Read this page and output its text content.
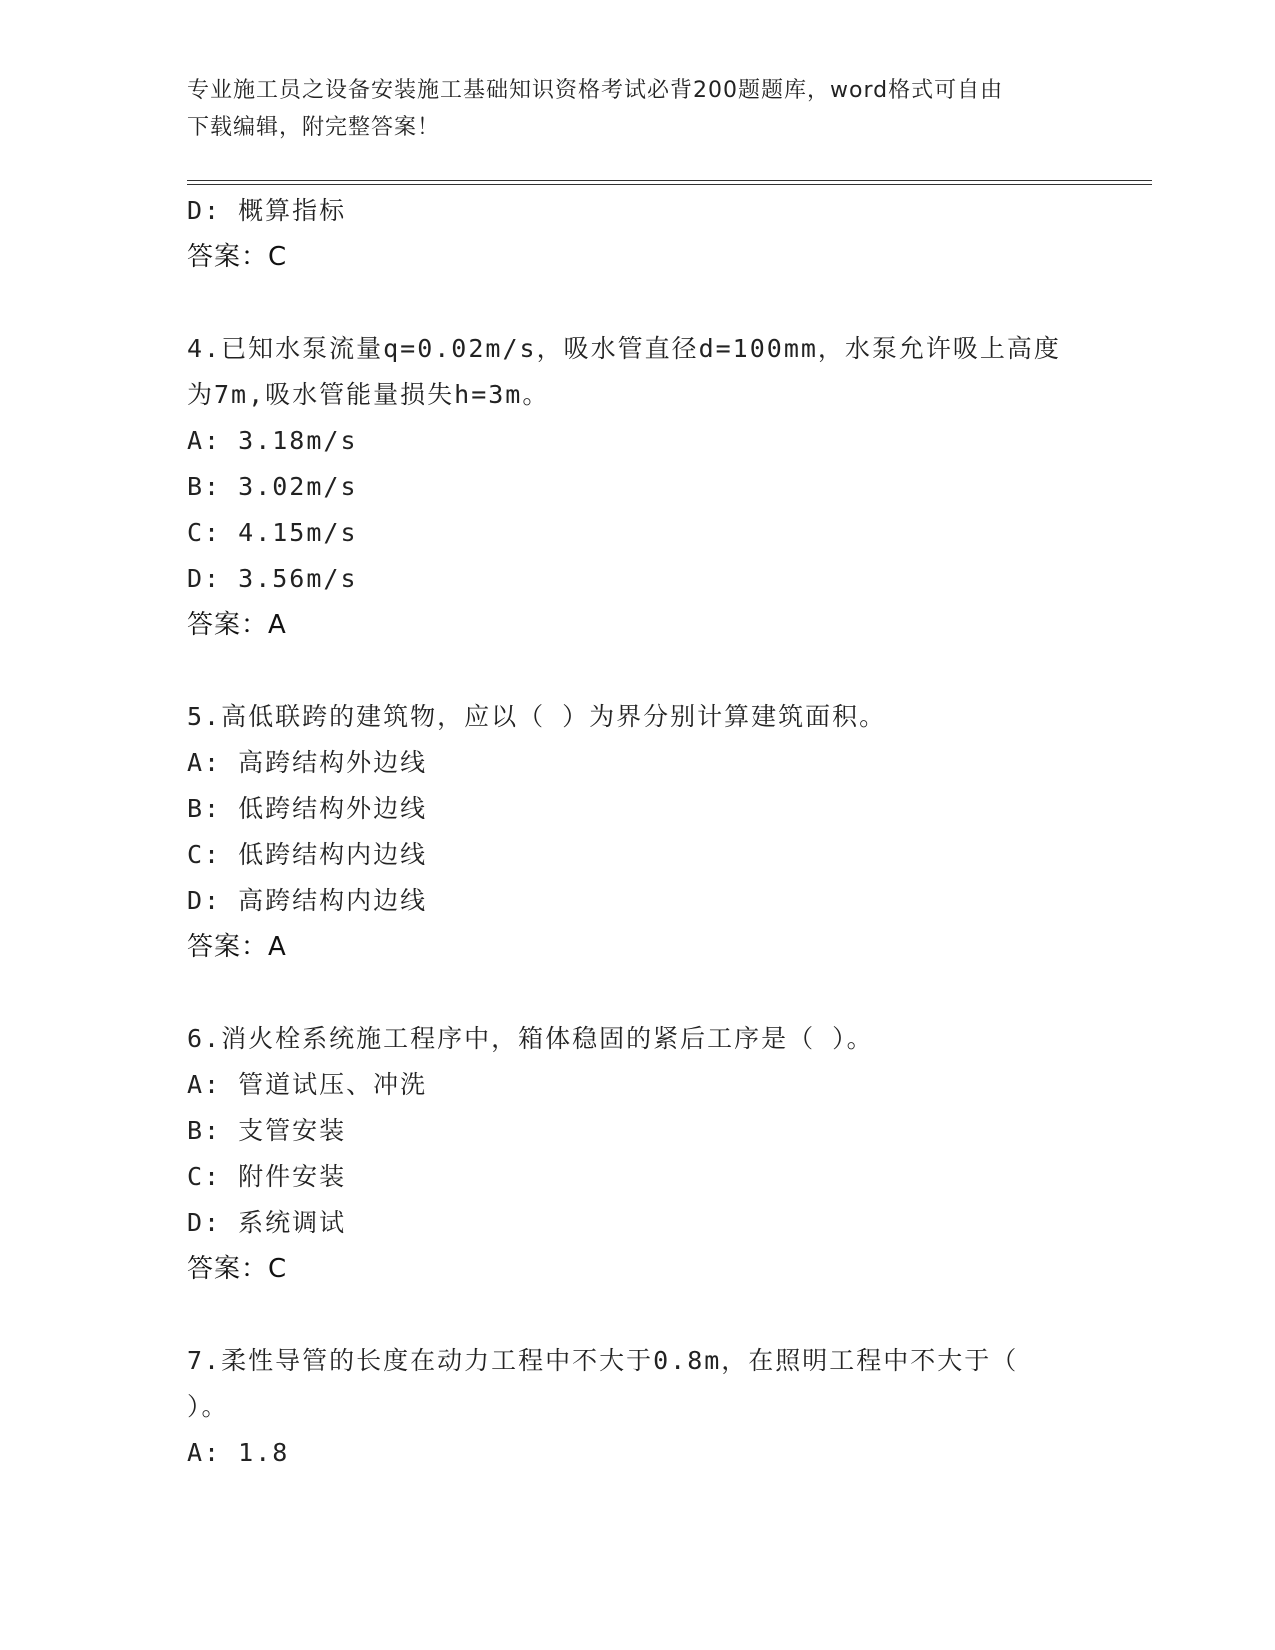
专业施工员之设备安装施工基础知识资格考试必背200题题库，word格式可自由
下载编辑，附完整答案！
D: 概算指标
答案：C
4.已知水泵流量q=0.02m/s，吸水管直径d=100mm，水泵允许吸上高度
为7m,吸水管能量损失h=3m。
A: 3.18m/s
B: 3.02m/s
C: 4.15m/s
D: 3.56m/s
答案：A
5.高低联跨的建筑物，应以（ ）为界分别计算建筑面积。
A: 高跨结构外边线
B: 低跨结构外边线
C: 低跨结构内边线
D: 高跨结构内边线
答案：A
6.消火栓系统施工程序中，箱体稳固的紧后工序是（ ）。
A: 管道试压、冲洗
B: 支管安装
C: 附件安装
D: 系统调试
答案：C
7.柔性导管的长度在动力工程中不大于0.8m，在照明工程中不大于（
）。
A: 1.8
